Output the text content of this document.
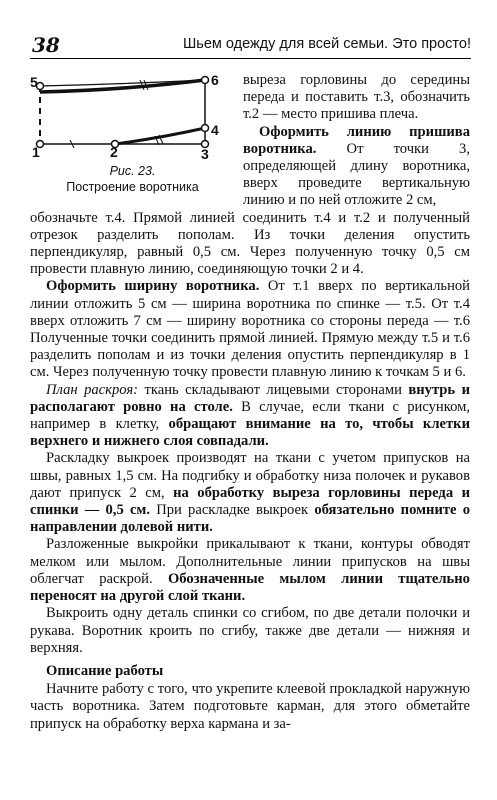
38	Шьем одежду для всей семьи. Это просто!
1	2	3
4
5	6
Рис. 23.
Построение воротника

выреза горловины до середины переда и поставить т.3, обозначить т.2 — место пришива плеча.

Оформить линию пришива воротника. От точки 3, определяющей длину воротника, вверх проведите вертикальную линию и по ней отложите 2 см,

обозначьте т.4. Прямой линией соединить т.4 и т.2 и полученный отрезок разделить пополам. Из точки деления опустить перпендикуляр, равный 0,5 см. Через полученную точку 0,5 см провести плавную линию, соединяющую точки 2 и 4.

Оформить ширину воротника. От т.1 вверх по вертикальной линии отложить 5 см — ширина воротника по спинке — т.5. От т.4 вверх отложить 7 см — ширину воротника со стороны переда — т.6 Полученные точки соединить прямой линией. Прямую между т.5 и т.6 разделить пополам и из точки деления опустить перпендикуляр в 1 см. Через полученную точку провести плавную линию к точкам 5 и 6.

План раскроя: ткань складывают лицевыми сторонами внутрь и располагают ровно на столе. В случае, если ткани с рисунком, например в клетку, обращают внимание на то, чтобы клетки верхнего и нижнего слоя совпадали.

Раскладку выкроек производят на ткани с учетом припусков на швы, равных 1,5 см. На подгибку и обработку низа полочек и рукавов дают припуск 2 см, на обработку выреза горловины переда и спинки — 0,5 см. При раскладке выкроек обязательно помните о направлении долевой нити.

Разложенные выкройки прикалывают к ткани, контуры обводят мелком или мылом. Дополнительные линии припусков на швы облегчат раскрой. Обозначенные мылом линии тщательно переносят на другой слой ткани.

Выкроить одну деталь спинки со сгибом, по две детали полочки и рукава. Воротник кроить по сгибу, также две детали — нижняя и верхняя.

Описание работы

Начните работу с того, что укрепите клеевой прокладкой наружную часть воротника. Затем подготовьте карман, для этого обметайте припуск на обработку верха кармана и за-
